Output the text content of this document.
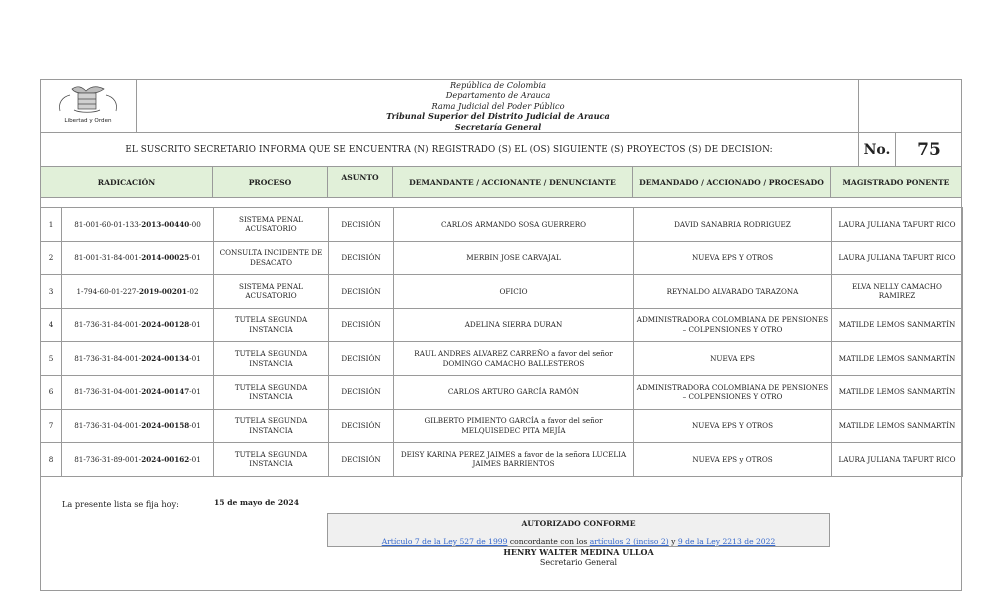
Libertad y Orden
República de Colombia
Departamento de Arauca
Rama Judicial del Poder Público
Tribunal Superior del Distrito Judicial de Arauca
Secretaría General
EL SUSCRITO SECRETARIO INFORMA QUE SE ENCUENTRA (N) REGISTRADO (S) EL (OS) SIGUIENTE (S) PROYECTOS (S) DE DECISION:	No.	75
RADICACIÓN	PROCESO	ASUNTO	DEMANDANTE / ACCIONANTE / DENUNCIANTE	DEMANDADO / ACCIONADO / PROCESADO	MAGISTRADO PONENTE
1	81-001-60-01-133-2013-00440-00	SISTEMA PENAL ACUSATORIO	DECISIÓN	CARLOS ARMANDO SOSA GUERRERO	DAVID SANABRIA RODRIGUEZ	LAURA JULIANA TAFURT RICO
2	81-001-31-84-001-2014-00025-01	CONSULTA INCIDENTE DE DESACATO	DECISIÓN	MERBIN JOSE CARVAJAL	NUEVA EPS Y OTROS	LAURA JULIANA TAFURT RICO
3	1-794-60-01-227-2019-00201-02	SISTEMA PENAL ACUSATORIO	DECISIÓN	OFICIO	REYNALDO ALVARADO TARAZONA	ELVA NELLY CAMACHO RAMIREZ
4	81-736-31-84-001-2024-00128-01	TUTELA SEGUNDA INSTANCIA	DECISIÓN	ADELINA SIERRA DURAN	ADMINISTRADORA COLOMBIANA DE PENSIONES – COLPENSIONES Y OTRO	MATILDE LEMOS SANMARTÍN
5	81-736-31-84-001-2024-00134-01	TUTELA SEGUNDA INSTANCIA	DECISIÓN	RAUL ANDRES ALVAREZ CARREÑO a favor del señor DOMINGO CAMACHO BALLESTEROS	NUEVA EPS	MATILDE LEMOS SANMARTÍN
6	81-736-31-04-001-2024-00147-01	TUTELA SEGUNDA INSTANCIA	DECISIÓN	CARLOS ARTURO GARCÍA RAMÓN	ADMINISTRADORA COLOMBIANA DE PENSIONES – COLPENSIONES Y OTRO	MATILDE LEMOS SANMARTÍN
7	81-736-31-04-001-2024-00158-01	TUTELA SEGUNDA INSTANCIA	DECISIÓN	GILBERTO PIMIENTO GARCÍA a favor del señor MELQUISEDEC PITA MEJÍA	NUEVA EPS Y OTROS	MATILDE LEMOS SANMARTÍN
8	81-736-31-89-001-2024-00162-01	TUTELA SEGUNDA INSTANCIA	DECISIÓN	DEISY KARINA PEREZ JAIMES a favor de la señora LUCELIA JAIMES BARRIENTOS	NUEVA EPS y OTROS	LAURA JULIANA TAFURT RICO
La presente lista se fija hoy:	15 de mayo de 2024
AUTORIZADO CONFORME
Artículo 7 de la Ley 527 de 1999 concordante con los artículos 2 (inciso 2) y 9 de la Ley 2213 de 2022
HENRY WALTER MEDINA ULLOA
Secretario General
